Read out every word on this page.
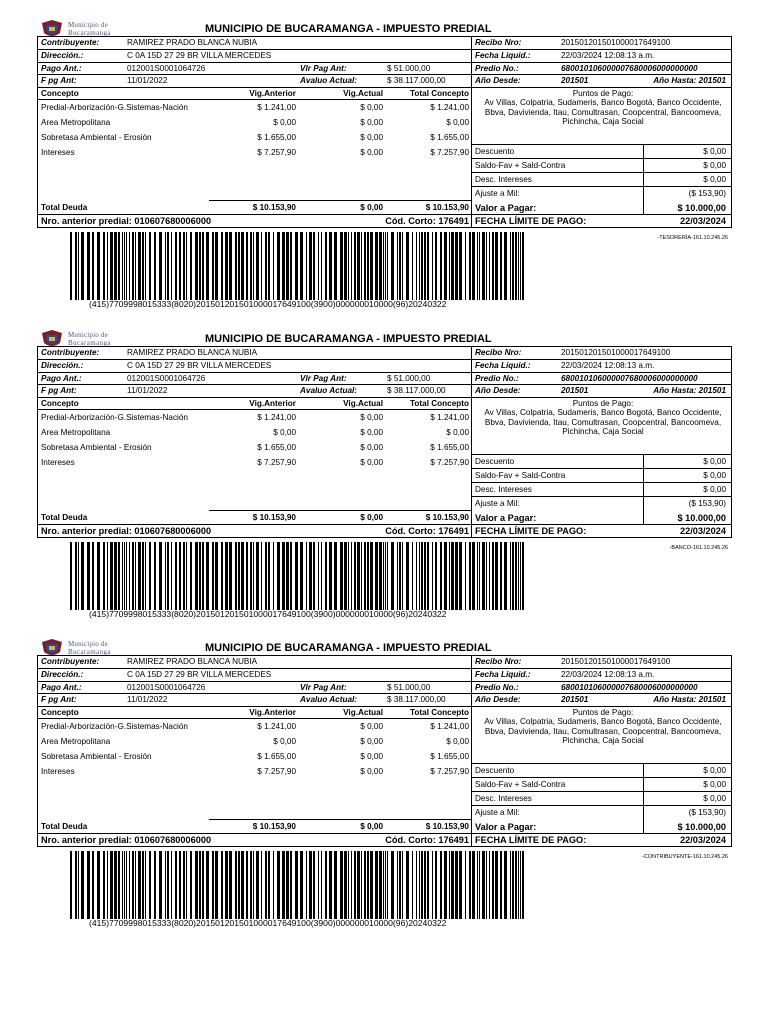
Municipio de
Bucaramanga	MUNICIPIO DE BUCARAMANGA - IMPUESTO PREDIAL
Contribuyente:	RAMIREZ PRADO BLANCA NUBIA
Dirección.:	C 0A 15D 27 29 BR VILLA MERCEDES
Pago Ant.:	012001S0001064726	Vlr Pag Ant:	$ 51.000,00
F pg Ant:	11/01/2022	Avaluo Actual:	$ 38.117.000,00
Recibo Nro:	201501201501000017649100
Fecha Liquid.:	22/03/2024 12:08:13 a.m.
Predio No.:	680010106000007680006000000000
Año Desde:	201501	Año Hasta: 201501
Concepto	Vig.Anterior	Vig.Actual	Total Concepto
Predial-Arborización-G.Sistemas-Nación	$ 1.241,00	$ 0,00	$ 1.241,00
Area Metropolitana	$ 0,00	$ 0,00	$ 0,00
Sobretasa Ambiental - Erosión	$ 1.655,00	$ 0,00	$ 1.655,00
Intereses	$ 7.257,90	$ 0,00	$ 7.257,90
Total Deuda	$ 10.153,90	$ 0,00	$ 10.153,90
Puntos de Pago:
Av Villas, Colpatria, Sudameris, Banco Bogotá, Banco Occidente, Bbva, Davivienda, Itau, Comultrasan, Coopcentral, Bancoomeva, Pichincha, Caja Social
Descuento	$ 0,00
Saldo-Fav + Sald-Contra	$ 0,00
Desc. Intereses	$ 0,00
Ajuste a Mil:	($ 153,90)
Valor a Pagar:	$ 10.000,00
Nro. anterior predial: 010607680006000	Cód. Corto: 176491 FECHA LÍMITE DE PAGO:	22/03/2024
(415)7709998015333(8020)201501201501000017649100(3900)000000010000(96)20240322
-TESORERÍA-161.10.245.26
Municipio de
Bucaramanga	MUNICIPIO DE BUCARAMANGA - IMPUESTO PREDIAL
Contribuyente:	RAMIREZ PRADO BLANCA NUBIA
Dirección.:	C 0A 15D 27 29 BR VILLA MERCEDES
Pago Ant.:	012001S0001064726	Vlr Pag Ant:	$ 51.000,00
F pg Ant:	11/01/2022	Avaluo Actual:	$ 38.117.000,00
Recibo Nro:	201501201501000017649100
Fecha Liquid.:	22/03/2024 12:08:13 a.m.
Predio No.:	680010106000007680006000000000
Año Desde:	201501	Año Hasta: 201501
Concepto	Vig.Anterior	Vig.Actual	Total Concepto
Predial-Arborización-G.Sistemas-Nación	$ 1.241,00	$ 0,00	$ 1.241,00
Area Metropolitana	$ 0,00	$ 0,00	$ 0,00
Sobretasa Ambiental - Erosión	$ 1.655,00	$ 0,00	$ 1.655,00
Intereses	$ 7.257,90	$ 0,00	$ 7.257,90
Total Deuda	$ 10.153,90	$ 0,00	$ 10.153,90
Puntos de Pago:
Av Villas, Colpatria, Sudameris, Banco Bogotá, Banco Occidente, Bbva, Davivienda, Itau, Comultrasan, Coopcentral, Bancoomeva, Pichincha, Caja Social
Descuento	$ 0,00
Saldo-Fav + Sald-Contra	$ 0,00
Desc. Intereses	$ 0,00
Ajuste a Mil:	($ 153,90)
Valor a Pagar:	$ 10.000,00
Nro. anterior predial: 010607680006000	Cód. Corto: 176491 FECHA LÍMITE DE PAGO:	22/03/2024
(415)7709998015333(8020)201501201501000017649100(3900)000000010000(96)20240322
-BANCO-161.10.245.26
Municipio de
Bucaramanga	MUNICIPIO DE BUCARAMANGA - IMPUESTO PREDIAL
Contribuyente:	RAMIREZ PRADO BLANCA NUBIA
Dirección.:	C 0A 15D 27 29 BR VILLA MERCEDES
Pago Ant.:	012001S0001064726	Vlr Pag Ant:	$ 51.000,00
F pg Ant:	11/01/2022	Avaluo Actual:	$ 38.117.000,00
Recibo Nro:	201501201501000017649100
Fecha Liquid.:	22/03/2024 12:08:13 a.m.
Predio No.:	680010106000007680006000000000
Año Desde:	201501	Año Hasta: 201501
Concepto	Vig.Anterior	Vig.Actual	Total Concepto
Predial-Arborización-G.Sistemas-Nación	$ 1.241,00	$ 0,00	$ 1.241,00
Area Metropolitana	$ 0,00	$ 0,00	$ 0,00
Sobretasa Ambiental - Erosión	$ 1.655,00	$ 0,00	$ 1.655,00
Intereses	$ 7.257,90	$ 0,00	$ 7.257,90
Total Deuda	$ 10.153,90	$ 0,00	$ 10.153,90
Puntos de Pago:
Av Villas, Colpatria, Sudameris, Banco Bogotá, Banco Occidente, Bbva, Davivienda, Itau, Comultrasan, Coopcentral, Bancoomeva, Pichincha, Caja Social
Descuento	$ 0,00
Saldo-Fav + Sald-Contra	$ 0,00
Desc. Intereses	$ 0,00
Ajuste a Mil:	($ 153,90)
Valor a Pagar:	$ 10.000,00
Nro. anterior predial: 010607680006000	Cód. Corto: 176491 FECHA LÍMITE DE PAGO:	22/03/2024
(415)7709998015333(8020)201501201501000017649100(3900)000000010000(96)20240322
-CONTRIBUYENTE-161.10.245.26
